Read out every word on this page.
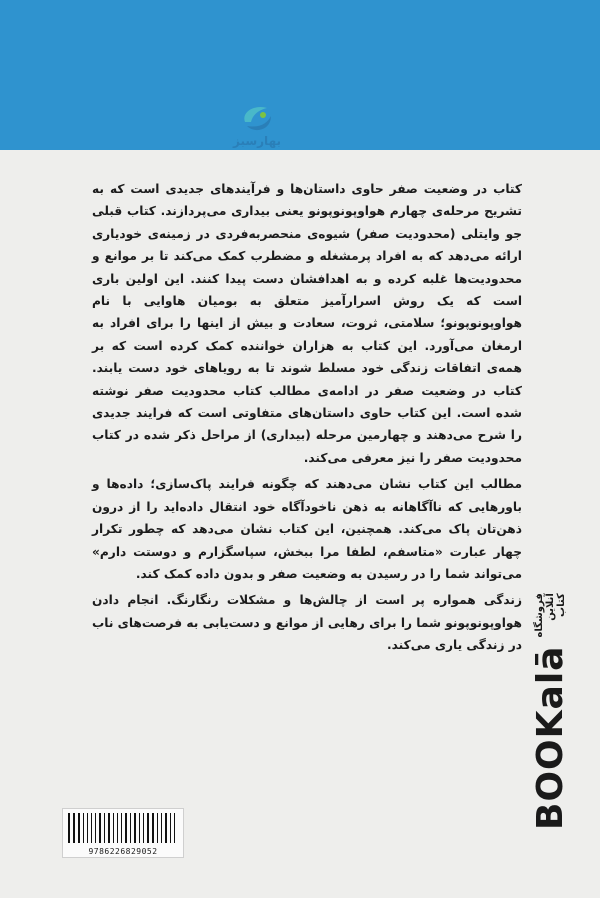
بهارسبز

کتاب در وضعیت صفر حاوی داستان‌ها و فرآیندهای جدیدی است که به تشریح مرحله‌ی چهارم هواوپونوپونو یعنی بیداری می‌پردازند. کتاب قبلی جو وایتلی (محدودیت صفر) شیوه‌ی منحصربه‌فردی در زمینه‌ی خودیاری ارائه می‌دهد که به افراد پرمشغله و مضطرب کمک می‌کند تا بر موانع و محدودیت‌ها غلبه کرده و به اهدافشان دست پیدا کنند. این اولین باری است که یک روش اسرارآمیز متعلق به بومیان هاوایی با نام هواوپونوپونو؛ سلامتی، ثروت، سعادت و بیش از اینها را برای افراد به ارمغان می‌آورد. این کتاب به هزاران خواننده کمک کرده است که بر همه‌ی اتفاقات زندگی خود مسلط شوند تا به رویاهای خود دست یابند. کتاب در وضعیت صفر در ادامه‌ی مطالب کتاب محدودیت صفر نوشته شده است. این کتاب حاوی داستان‌های متفاوتی است که فرایند جدیدی را شرح می‌دهند و چهارمین مرحله (بیداری) از مراحل ذکر شده در کتاب محدودیت صفر را نیز معرفی می‌کند.

مطالب این کتاب نشان می‌دهند که چگونه فرایند پاک‌سازی؛ داده‌ها و باورهایی که ناآگاهانه به ذهن ناخودآگاه خود انتقال داده‌اید را از درون ذهن‌تان پاک می‌کند. همچنین، این کتاب نشان می‌دهد که چطور تکرار چهار عبارت «متاسفم، لطفا مرا ببخش، سپاسگزارم و دوستت دارم» می‌تواند شما را در رسیدن به وضعیت صفر و بدون داده کمک کند.

زندگی همواره پر است از چالش‌ها و مشکلات رنگارنگ. انجام دادن هواوپونوپونو شما را برای رهایی از موانع و دست‌یابی به فرصت‌های ناب در زندگی یاری می‌کند.

BOOKalā
فروشگاه آنلاین کتاب
9786226829052
